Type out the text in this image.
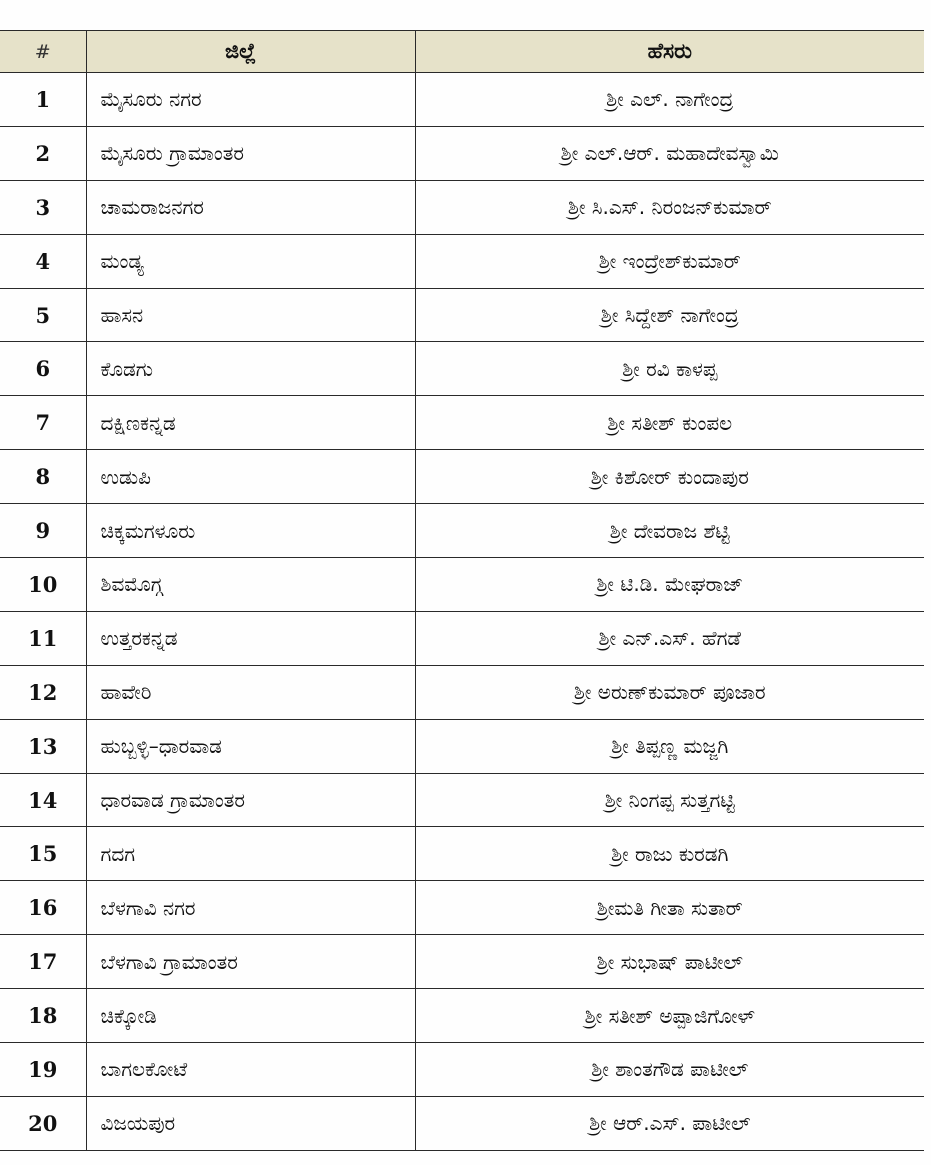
#	ಜಿಲ್ಲೆ	ಹೆಸರು
1	ಮೈಸೂರು ನಗರ	ಶ್ರೀ ಎಲ್. ನಾಗೇಂದ್ರ
2	ಮೈಸೂರು ಗ್ರಾಮಾಂತರ	ಶ್ರೀ ಎಲ್.ಆರ್. ಮಹಾದೇವಸ್ವಾಮಿ
3	ಚಾಮರಾಜನಗರ	ಶ್ರೀ ಸಿ.ಎಸ್. ನಿರಂಜನ್‌ಕುಮಾರ್
4	ಮಂಡ್ಯ	ಶ್ರೀ ಇಂದ್ರೇಶ್‌ಕುಮಾರ್
5	ಹಾಸನ	ಶ್ರೀ ಸಿದ್ದೇಶ್ ನಾಗೇಂದ್ರ
6	ಕೊಡಗು	ಶ್ರೀ ರವಿ ಕಾಳಪ್ಪ
7	ದಕ್ಷಿಣಕನ್ನಡ	ಶ್ರೀ ಸತೀಶ್ ಕುಂಪಲ
8	ಉಡುಪಿ	ಶ್ರೀ ಕಿಶೋರ್ ಕುಂದಾಪುರ
9	ಚಿಕ್ಕಮಗಳೂರು	ಶ್ರೀ ದೇವರಾಜ ಶೆಟ್ಟಿ
10	ಶಿವಮೊಗ್ಗ	ಶ್ರೀ ಟಿ.ಡಿ. ಮೇಘರಾಜ್
11	ಉತ್ತರಕನ್ನಡ	ಶ್ರೀ ಎನ್.ಎಸ್. ಹೆಗಡೆ
12	ಹಾವೇರಿ	ಶ್ರೀ ಅರುಣ್‌ಕುಮಾರ್ ಪೂಜಾರ
13	ಹುಬ್ಬಳ್ಳಿ–ಧಾರವಾಡ	ಶ್ರೀ ತಿಪ್ಪಣ್ಣ ಮಜ್ಜಗಿ
14	ಧಾರವಾಡ ಗ್ರಾಮಾಂತರ	ಶ್ರೀ ನಿಂಗಪ್ಪ ಸುತ್ತಗಟ್ಟಿ
15	ಗದಗ	ಶ್ರೀ ರಾಜು ಕುರಡಗಿ
16	ಬೆಳಗಾವಿ ನಗರ	ಶ್ರೀಮತಿ ಗೀತಾ ಸುತಾರ್
17	ಬೆಳಗಾವಿ ಗ್ರಾಮಾಂತರ	ಶ್ರೀ ಸುಭಾಷ್ ಪಾಟೀಲ್
18	ಚಿಕ್ಕೋಡಿ	ಶ್ರೀ ಸತೀಶ್ ಅಪ್ಪಾಜಿಗೋಳ್
19	ಬಾಗಲಕೋಟೆ	ಶ್ರೀ ಶಾಂತಗೌಡ ಪಾಟೀಲ್
20	ವಿಜಯಪುರ	ಶ್ರೀ ಆರ್.ಎಸ್. ಪಾಟೀಲ್
